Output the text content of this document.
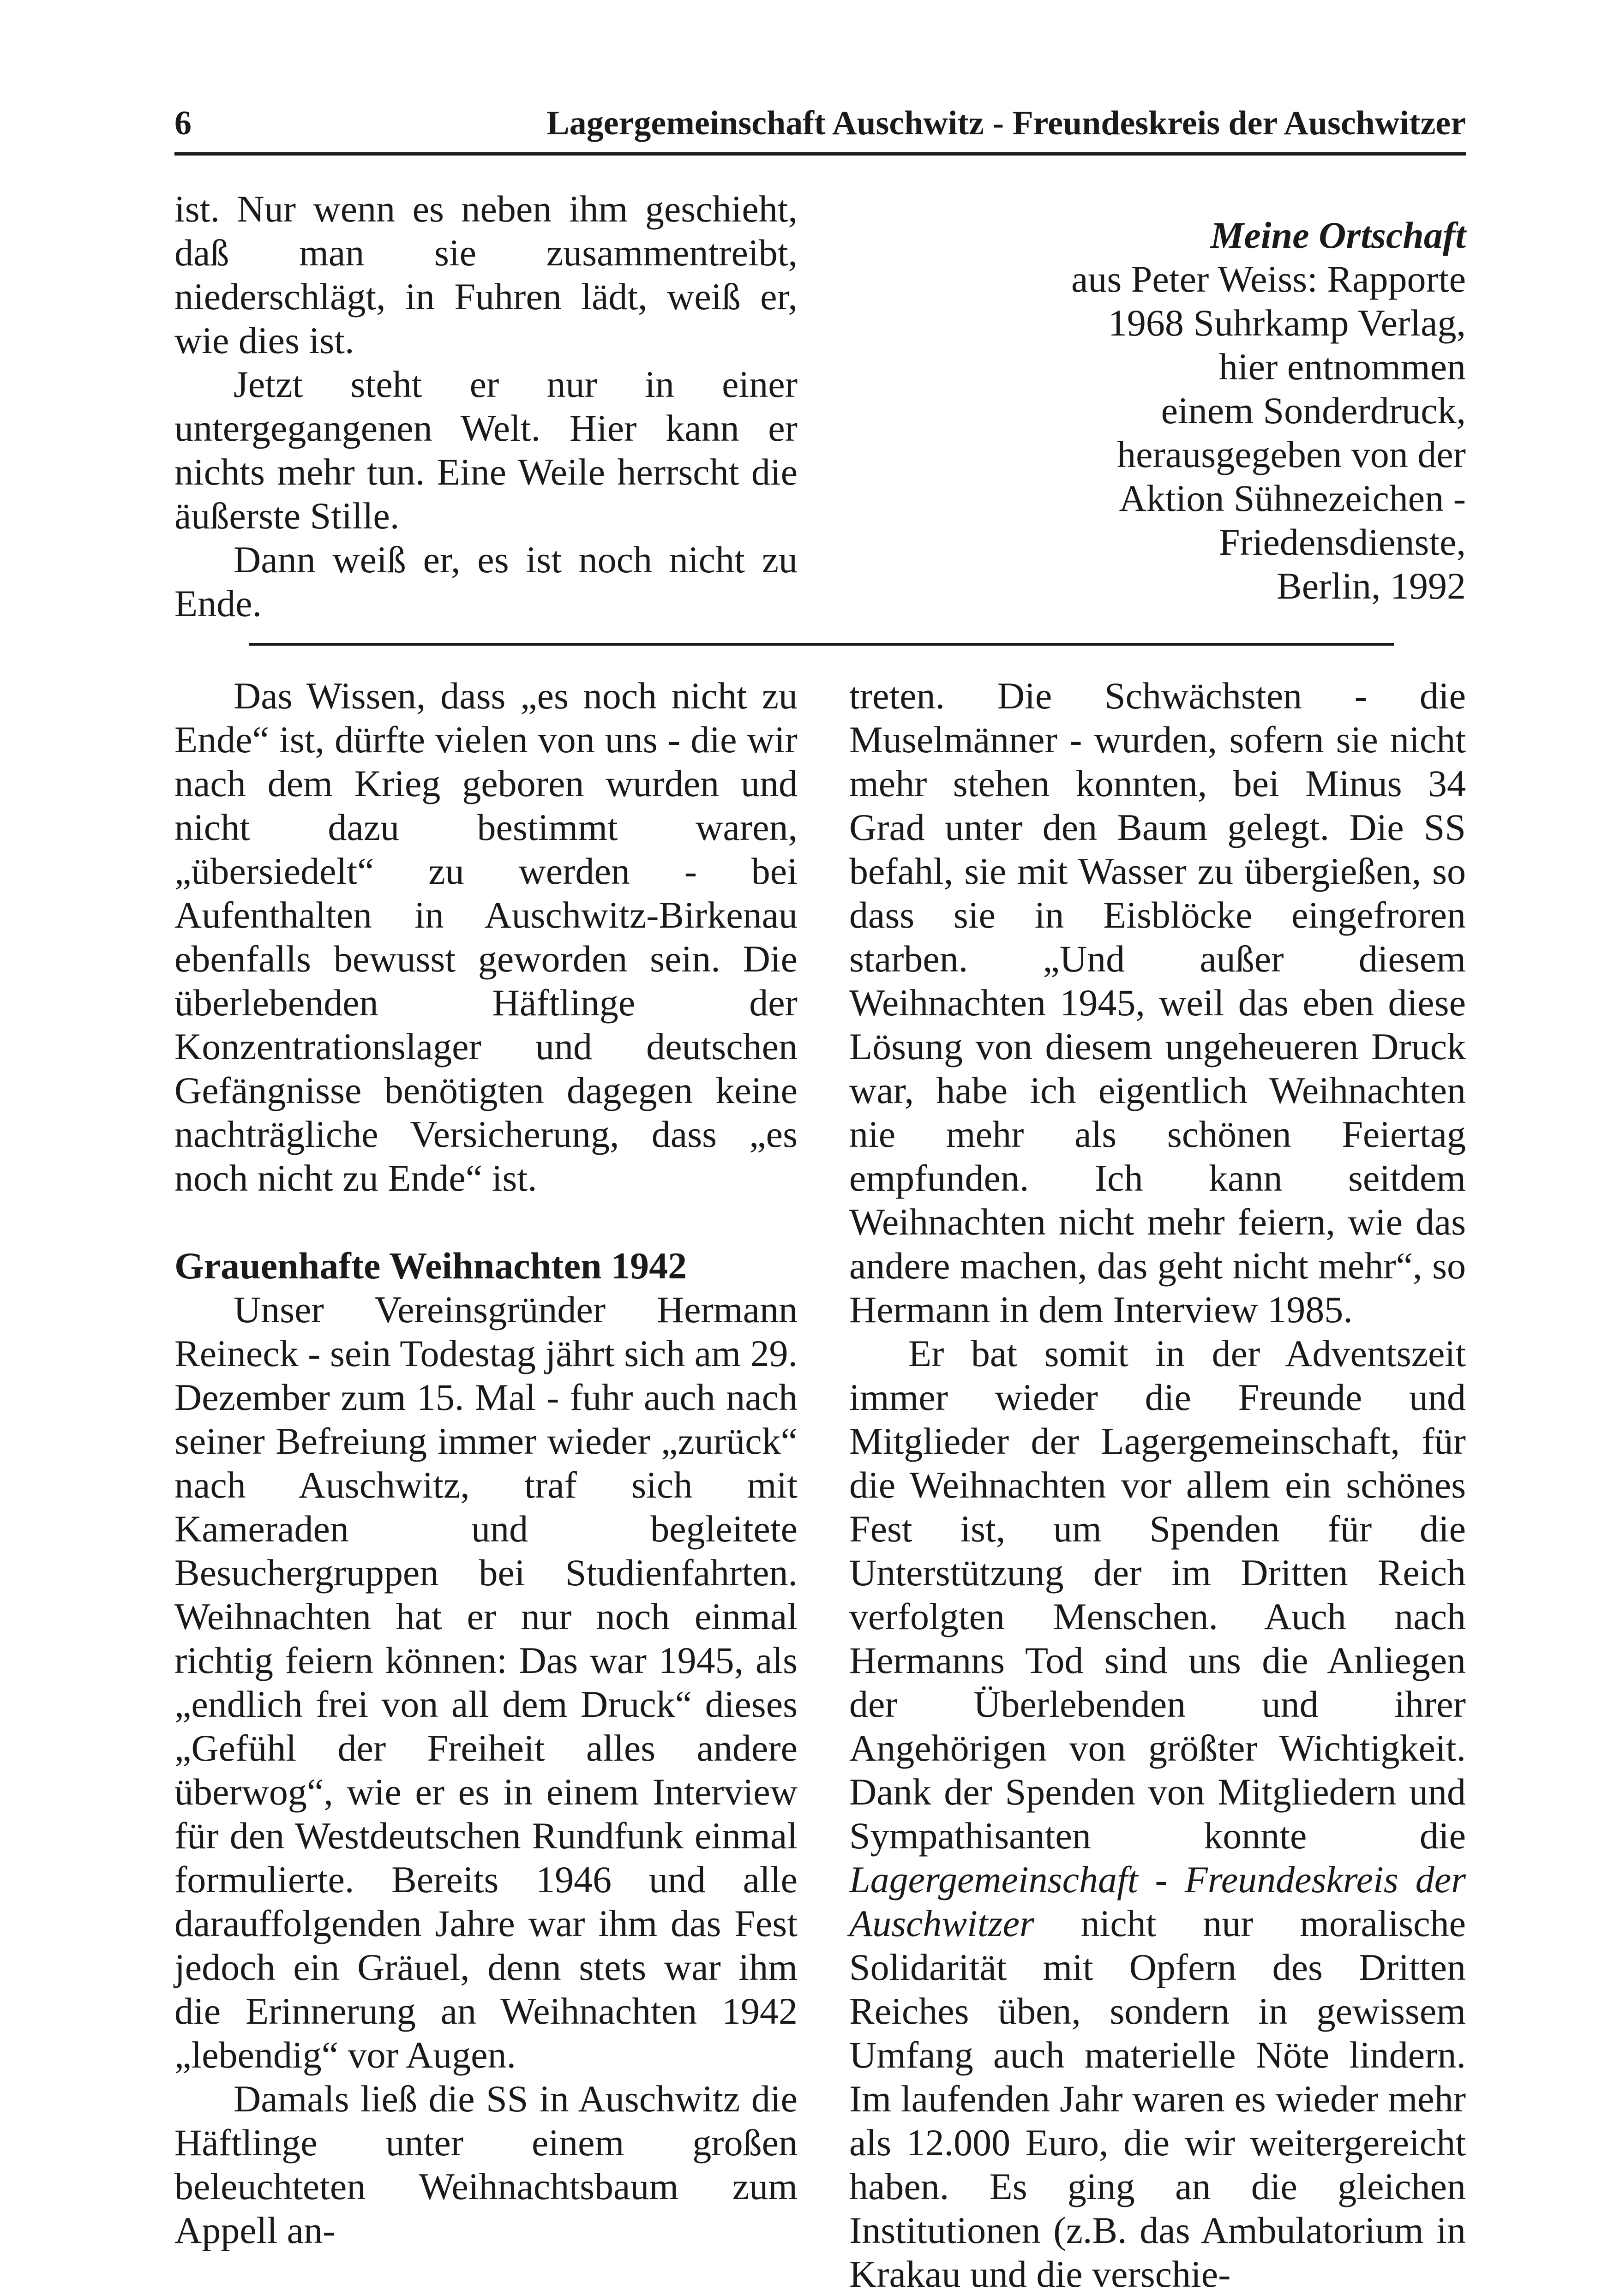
6	Lagergemeinschaft Auschwitz - Freundeskreis der Auschwitzer

ist. Nur wenn es neben ihm geschieht, daß man sie zusammentreibt, niederschlägt, in Fuhren lädt, weiß er, wie dies ist.

Jetzt steht er nur in einer untergegangenen Welt. Hier kann er nichts mehr tun. Eine Weile herrscht die äußerste Stille.

Dann weiß er, es ist noch nicht zu Ende.

Meine Ortschaft
aus Peter Weiss: Rapporte
1968 Suhrkamp Verlag,
hier entnommen
einem Sonderdruck,
herausgegeben von der
Aktion Sühnezeichen -
Friedensdienste,
Berlin, 1992

Das Wissen, dass „es noch nicht zu Ende“ ist, dürfte vielen von uns - die wir nach dem Krieg geboren wurden und nicht dazu bestimmt waren, „übersiedelt“ zu werden - bei Aufenthalten in Auschwitz-Birkenau ebenfalls bewusst geworden sein. Die überlebenden Häftlinge der Konzentrationslager und deutschen Gefängnisse benötigten dagegen keine nachträgliche Versicherung, dass „es noch nicht zu Ende“ ist.

Grauenhafte Weihnachten 1942

Unser Vereinsgründer Hermann Reineck - sein Todestag jährt sich am 29. Dezember zum 15. Mal - fuhr auch nach seiner Befreiung immer wieder „zurück“ nach Auschwitz, traf sich mit Kameraden und begleitete Besuchergruppen bei Studienfahrten. Weihnachten hat er nur noch einmal richtig feiern können: Das war 1945, als „endlich frei von all dem Druck“ dieses „Gefühl der Freiheit alles andere überwog“, wie er es in einem Interview für den Westdeutschen Rundfunk einmal formulierte. Bereits 1946 und alle darauffolgenden Jahre war ihm das Fest jedoch ein Gräuel, denn stets war ihm die Erinnerung an Weihnachten 1942 „lebendig“ vor Augen.

Damals ließ die SS in Auschwitz die Häftlinge unter einem großen beleuchteten Weihnachtsbaum zum Appell an-

treten. Die Schwächsten - die Muselmänner - wurden, sofern sie nicht mehr stehen konnten, bei Minus 34 Grad unter den Baum gelegt. Die SS befahl, sie mit Wasser zu übergießen, so dass sie in Eisblöcke eingefroren starben. „Und außer diesem Weihnachten 1945, weil das eben diese Lösung von diesem ungeheueren Druck war, habe ich eigentlich Weihnachten nie mehr als schönen Feiertag empfunden. Ich kann seitdem Weihnachten nicht mehr feiern, wie das andere machen, das geht nicht mehr“, so Hermann in dem Interview 1985.

Er bat somit in der Adventszeit immer wieder die Freunde und Mitglieder der Lagergemeinschaft, für die Weihnachten vor allem ein schönes Fest ist, um Spenden für die Unterstützung der im Dritten Reich verfolgten Menschen. Auch nach Hermanns Tod sind uns die Anliegen der Überlebenden und ihrer Angehörigen von größter Wichtigkeit. Dank der Spenden von Mitgliedern und Sympathisanten konnte die Lagergemeinschaft - Freundeskreis der Auschwitzer nicht nur moralische Solidarität mit Opfern des Dritten Reiches üben, sondern in gewissem Umfang auch materielle Nöte lindern. Im laufenden Jahr waren es wieder mehr als 12.000 Euro, die wir weitergereicht haben. Es ging an die gleichen Institutionen (z.B. das Ambulatorium in Krakau und die verschie-
